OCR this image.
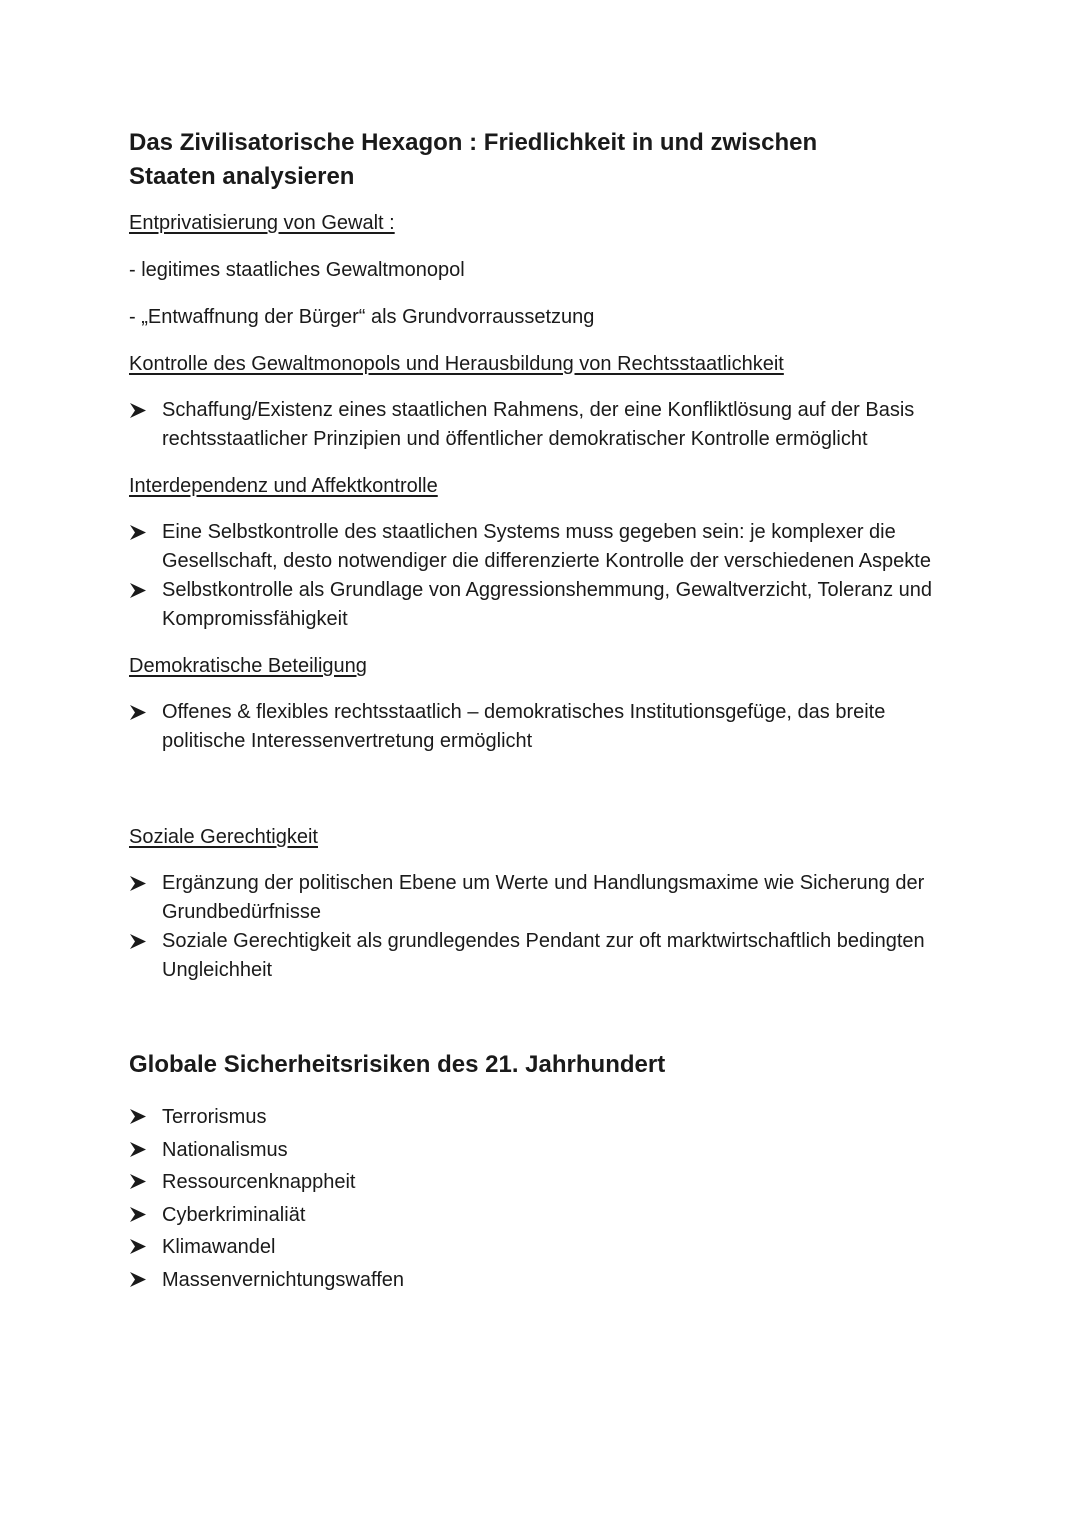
Das Zivilisatorische Hexagon : Friedlichkeit in und zwischen Staaten analysieren

Entprivatisierung von Gewalt :

- legitimes staatliches Gewaltmonopol

- „Entwaffnung der Bürger“ als Grundvorraussetzung

Kontrolle des Gewaltmonopols und Herausbildung von Rechtsstaatlichkeit

Schaffung/Existenz eines staatlichen Rahmens, der eine Konfliktlösung auf der Basis rechtsstaatlicher Prinzipien und öffentlicher demokratischer Kontrolle ermöglicht

Interdependenz und Affektkontrolle

Eine Selbstkontrolle des staatlichen Systems muss gegeben sein: je komplexer die Gesellschaft, desto notwendiger die differenzierte Kontrolle der verschiedenen Aspekte
Selbstkontrolle als Grundlage von Aggressionshemmung, Gewaltverzicht, Toleranz und Kompromissfähigkeit

Demokratische Beteiligung

Offenes & flexibles rechtsstaatlich – demokratisches Institutionsgefüge, das breite politische Interessenvertretung ermöglicht

Soziale Gerechtigkeit

Ergänzung der politischen Ebene um Werte und Handlungsmaxime wie Sicherung der Grundbedürfnisse
Soziale Gerechtigkeit als grundlegendes Pendant zur oft marktwirtschaftlich bedingten Ungleichheit
Globale Sicherheitsrisiken des 21. Jahrhundert
Terrorismus
Nationalismus
Ressourcenknappheit
Cyberkriminaliät
Klimawandel
Massenvernichtungswaffen
